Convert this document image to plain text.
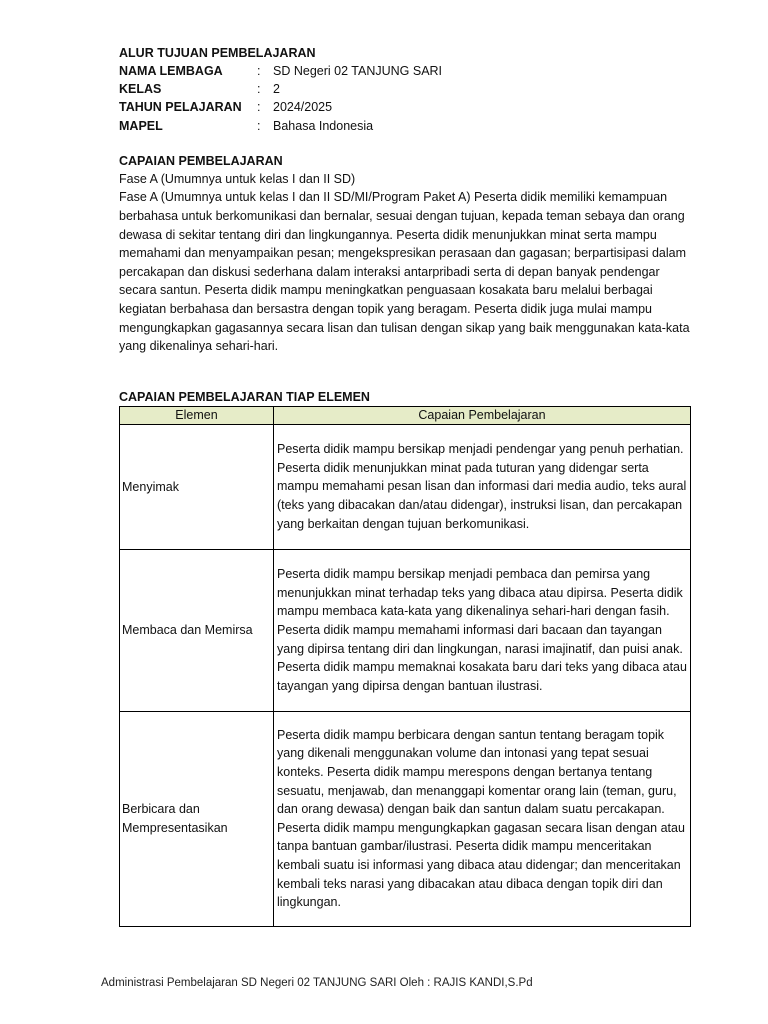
ALUR TUJUAN PEMBELAJARAN
NAMA LEMBAGA	:	SD Negeri 02 TANJUNG SARI
KELAS	:	2
TAHUN PELAJARAN	:	2024/2025
MAPEL	:	Bahasa Indonesia
CAPAIAN PEMBELAJARAN
Fase A (Umumnya untuk kelas I dan II SD)
Fase A (Umumnya untuk kelas I dan II SD/MI/Program Paket A) Peserta didik memiliki kemampuan berbahasa untuk berkomunikasi dan bernalar, sesuai dengan tujuan, kepada teman sebaya dan orang dewasa di sekitar tentang diri dan lingkungannya. Peserta didik menunjukkan minat serta mampu memahami dan menyampaikan pesan; mengekspresikan perasaan dan gagasan; berpartisipasi dalam percakapan dan diskusi sederhana dalam interaksi antarpribadi serta di depan banyak pendengar secara santun. Peserta didik mampu meningkatkan penguasaan kosakata baru melalui berbagai kegiatan berbahasa dan bersastra dengan topik yang beragam. Peserta didik juga mulai mampu mengungkapkan gagasannya secara lisan dan tulisan dengan sikap yang baik menggunakan kata-kata yang dikenalinya sehari-hari.
CAPAIAN PEMBELAJARAN TIAP ELEMEN
Elemen	Capaian Pembelajaran
Menyimak	Peserta didik mampu bersikap menjadi pendengar yang penuh perhatian. Peserta didik menunjukkan minat pada tuturan yang didengar serta mampu memahami pesan lisan dan informasi dari media audio, teks aural (teks yang dibacakan dan/atau didengar), instruksi lisan, dan percakapan yang berkaitan dengan tujuan berkomunikasi.
Membaca dan Memirsa	Peserta didik mampu bersikap menjadi pembaca dan pemirsa yang menunjukkan minat terhadap teks yang dibaca atau dipirsa. Peserta didik mampu membaca kata-kata yang dikenalinya sehari-hari dengan fasih. Peserta didik mampu memahami informasi dari bacaan dan tayangan yang dipirsa tentang diri dan lingkungan, narasi imajinatif, dan puisi anak. Peserta didik mampu memaknai kosakata baru dari teks yang dibaca atau tayangan yang dipirsa dengan bantuan ilustrasi.
Berbicara dan Mempresentasikan	Peserta didik mampu berbicara dengan santun tentang beragam topik yang dikenali menggunakan volume dan intonasi yang tepat sesuai konteks. Peserta didik mampu merespons dengan bertanya tentang sesuatu, menjawab, dan menanggapi komentar orang lain (teman, guru, dan orang dewasa) dengan baik dan santun dalam suatu percakapan. Peserta didik mampu mengungkapkan gagasan secara lisan dengan atau tanpa bantuan gambar/ilustrasi. Peserta didik mampu menceritakan kembali suatu isi informasi yang dibaca atau didengar; dan menceritakan kembali teks narasi yang dibacakan atau dibaca dengan topik diri dan lingkungan.
Administrasi Pembelajaran SD Negeri 02 TANJUNG SARI Oleh : RAJIS KANDI,S.Pd
